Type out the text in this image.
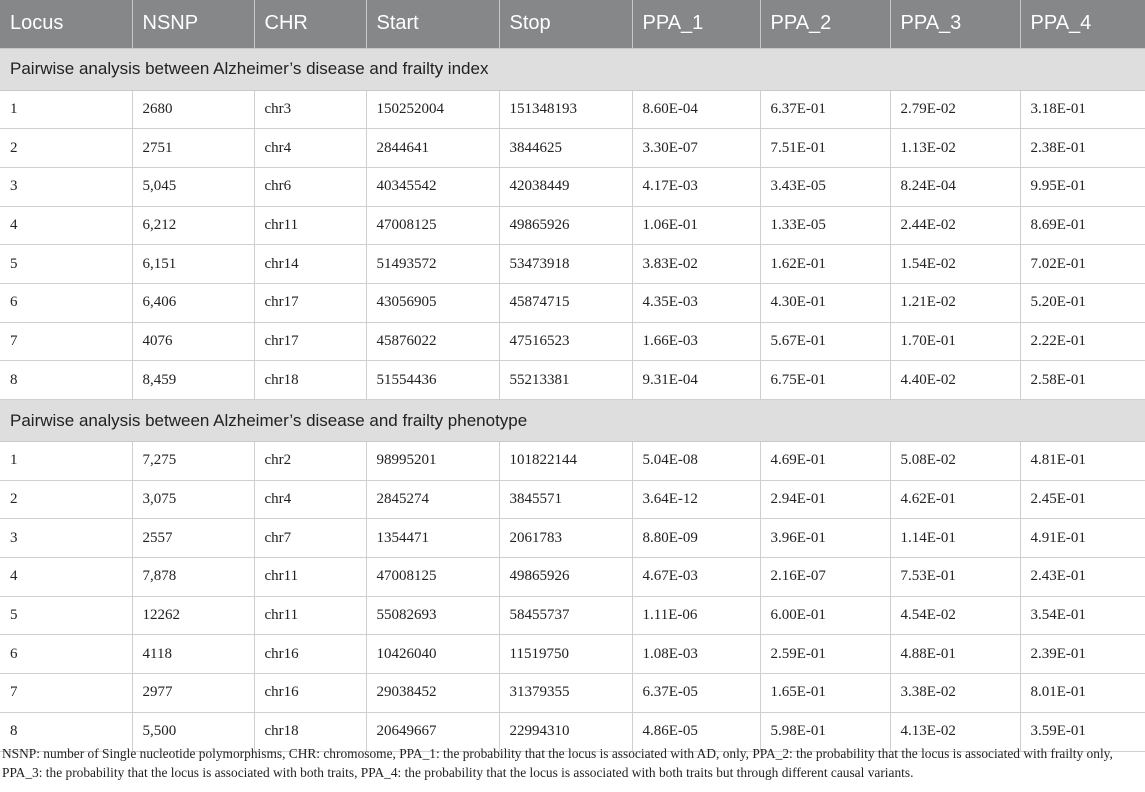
Locus	NSNP	CHR	Start	Stop	PPA_1	PPA_2	PPA_3	PPA_4
Pairwise analysis between Alzheimer’s disease and frailty index								
1	2680	chr3	150252004	151348193	8.60E-04	6.37E-01	2.79E-02	3.18E-01
2	2751	chr4	2844641	3844625	3.30E-07	7.51E-01	1.13E-02	2.38E-01
3	5,045	chr6	40345542	42038449	4.17E-03	3.43E-05	8.24E-04	9.95E-01
4	6,212	chr11	47008125	49865926	1.06E-01	1.33E-05	2.44E-02	8.69E-01
5	6,151	chr14	51493572	53473918	3.83E-02	1.62E-01	1.54E-02	7.02E-01
6	6,406	chr17	43056905	45874715	4.35E-03	4.30E-01	1.21E-02	5.20E-01
7	4076	chr17	45876022	47516523	1.66E-03	5.67E-01	1.70E-01	2.22E-01
8	8,459	chr18	51554436	55213381	9.31E-04	6.75E-01	4.40E-02	2.58E-01
Pairwise analysis between Alzheimer’s disease and frailty phenotype								
1	7,275	chr2	98995201	101822144	5.04E-08	4.69E-01	5.08E-02	4.81E-01
2	3,075	chr4	2845274	3845571	3.64E-12	2.94E-01	4.62E-01	2.45E-01
3	2557	chr7	1354471	2061783	8.80E-09	3.96E-01	1.14E-01	4.91E-01
4	7,878	chr11	47008125	49865926	4.67E-03	2.16E-07	7.53E-01	2.43E-01
5	12262	chr11	55082693	58455737	1.11E-06	6.00E-01	4.54E-02	3.54E-01
6	4118	chr16	10426040	11519750	1.08E-03	2.59E-01	4.88E-01	2.39E-01
7	2977	chr16	29038452	31379355	6.37E-05	1.65E-01	3.38E-02	8.01E-01
8	5,500	chr18	20649667	22994310	4.86E-05	5.98E-01	4.13E-02	3.59E-01
NSNP: number of Single nucleotide polymorphisms, CHR: chromosome, PPA_1: the probability that the locus is associated with AD, only, PPA_2: the probability that the locus is associated with frailty only, PPA_3: the probability that the locus is associated with both traits, PPA_4: the probability that the locus is associated with both traits but through different causal variants.
